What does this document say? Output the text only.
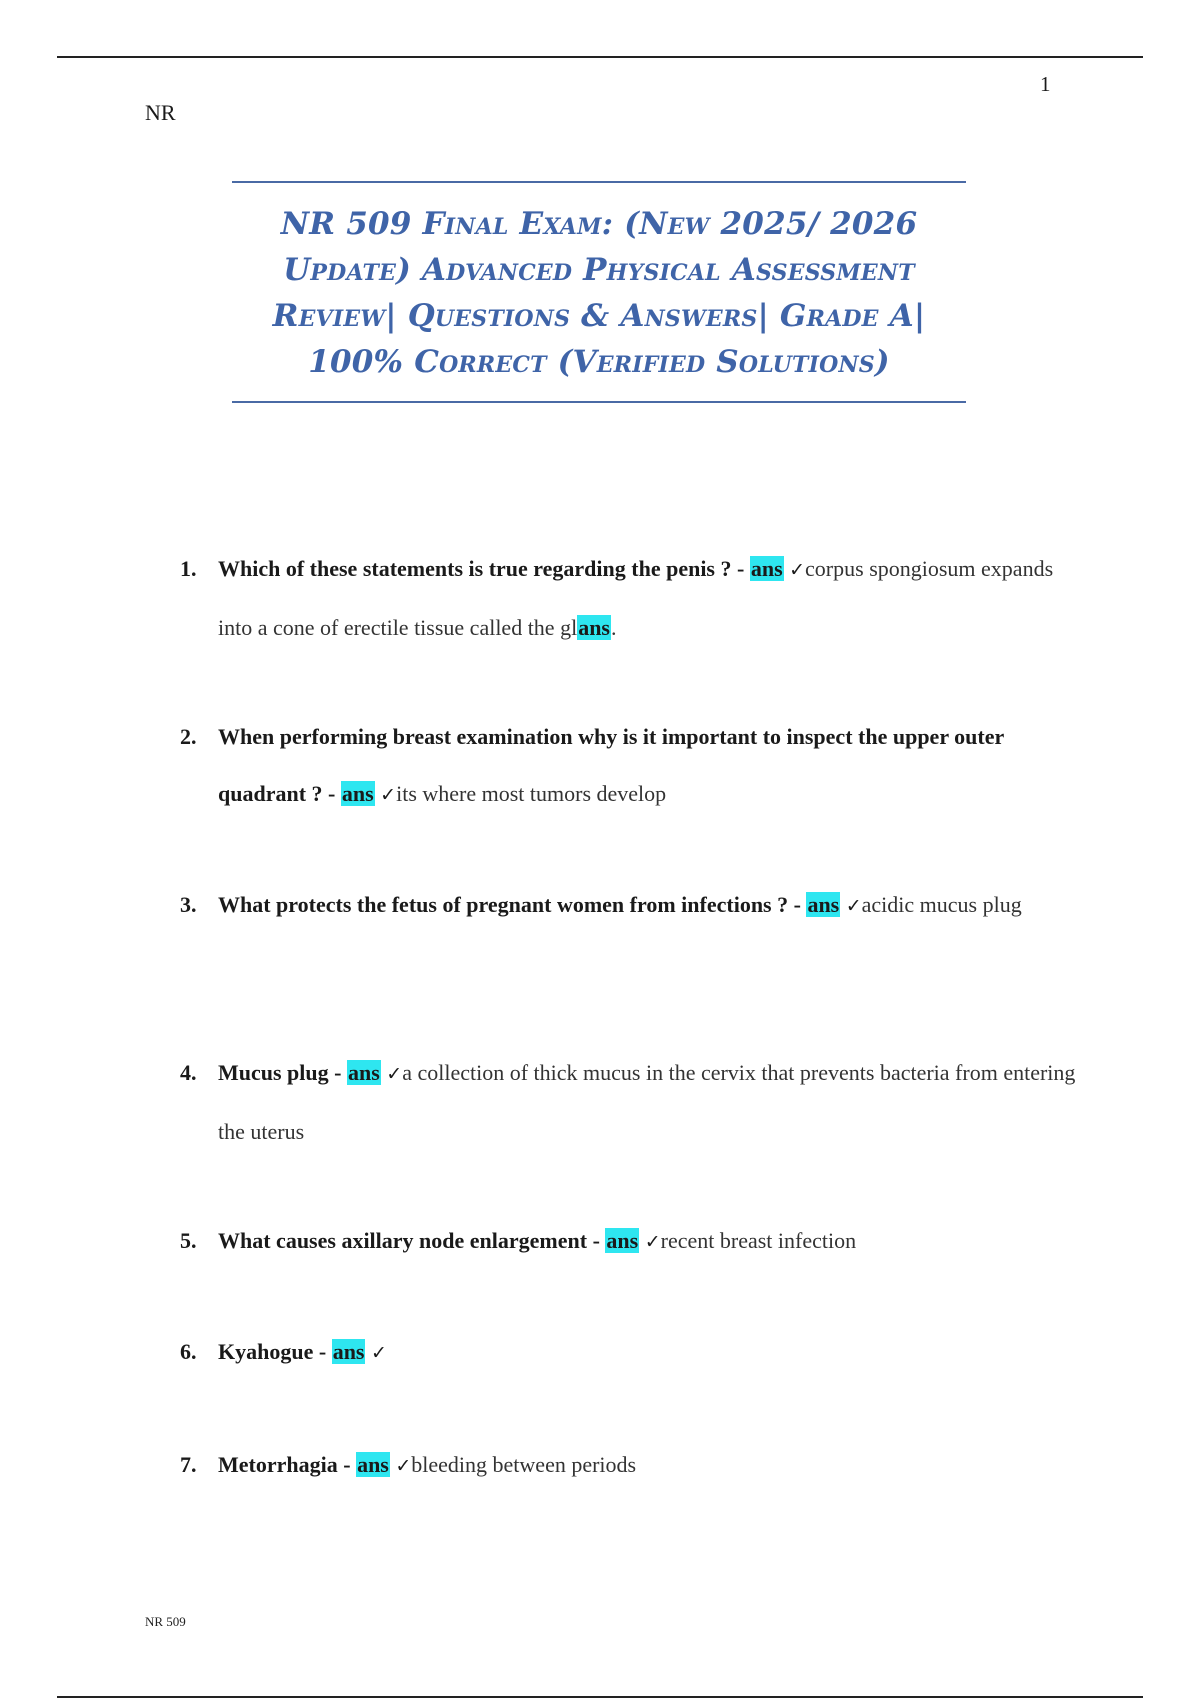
1
NR
NR 509 Final Exam: (New 2025/ 2026
Update) Advanced Physical Assessment
Review| Questions & Answers| Grade A|
100% Correct (Verified Solutions)
1. Which of these statements is true regarding the penis ? - ans ✓corpus spongiosum expands into a cone of erectile tissue called the glans.
2. When performing breast examination why is it important to inspect the upper outer quadrant ? - ans ✓its where most tumors develop
3. What protects the fetus of pregnant women from infections ? - ans ✓acidic mucus plug
4. Mucus plug - ans ✓a collection of thick mucus in the cervix that prevents bacteria from entering the uterus
5. What causes axillary node enlargement - ans ✓recent breast infection
6. Kyahogue - ans ✓
7. Metorrhagia - ans ✓bleeding between periods
NR 509
